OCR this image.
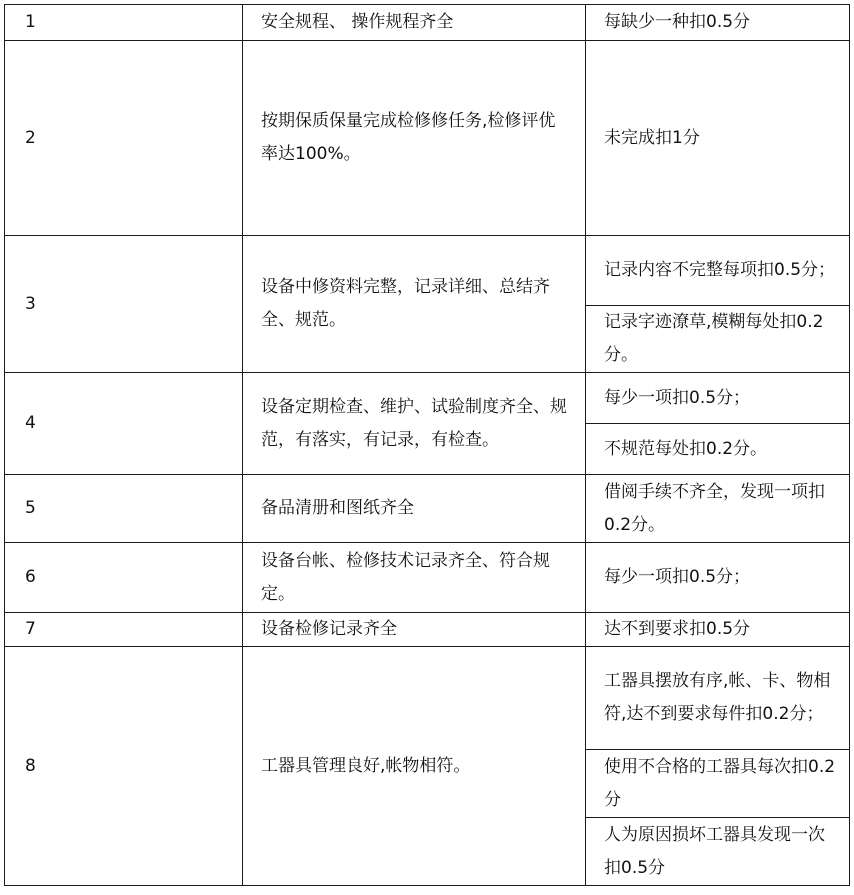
1	安全规程、 操作规程齐全	每缺少一种扣0.5分
2	按期保质保量完成检修修任务,检修评优率达100%。	未完成扣1分
3	设备中修资料完整，记录详细、总结齐全、规范。	记录内容不完整每项扣0.5分；
		记录字迹潦草,模糊每处扣0.2分。
4	设备定期检查、维护、试验制度齐全、规范，有落实，有记录，有检查。	每少一项扣0.5分；
		不规范每处扣0.2分。
5	备品清册和图纸齐全	借阅手续不齐全，发现一项扣0.2分。
6	设备台帐、检修技术记录齐全、符合规定。	每少一项扣0.5分；
7	设备检修记录齐全	达不到要求扣0.5分
8	工器具管理良好,帐物相符。	工器具摆放有序,帐、卡、物相符,达不到要求每件扣0.2分；
		使用不合格的工器具每次扣0.2分
		人为原因损坏工器具发现一次扣0.5分
